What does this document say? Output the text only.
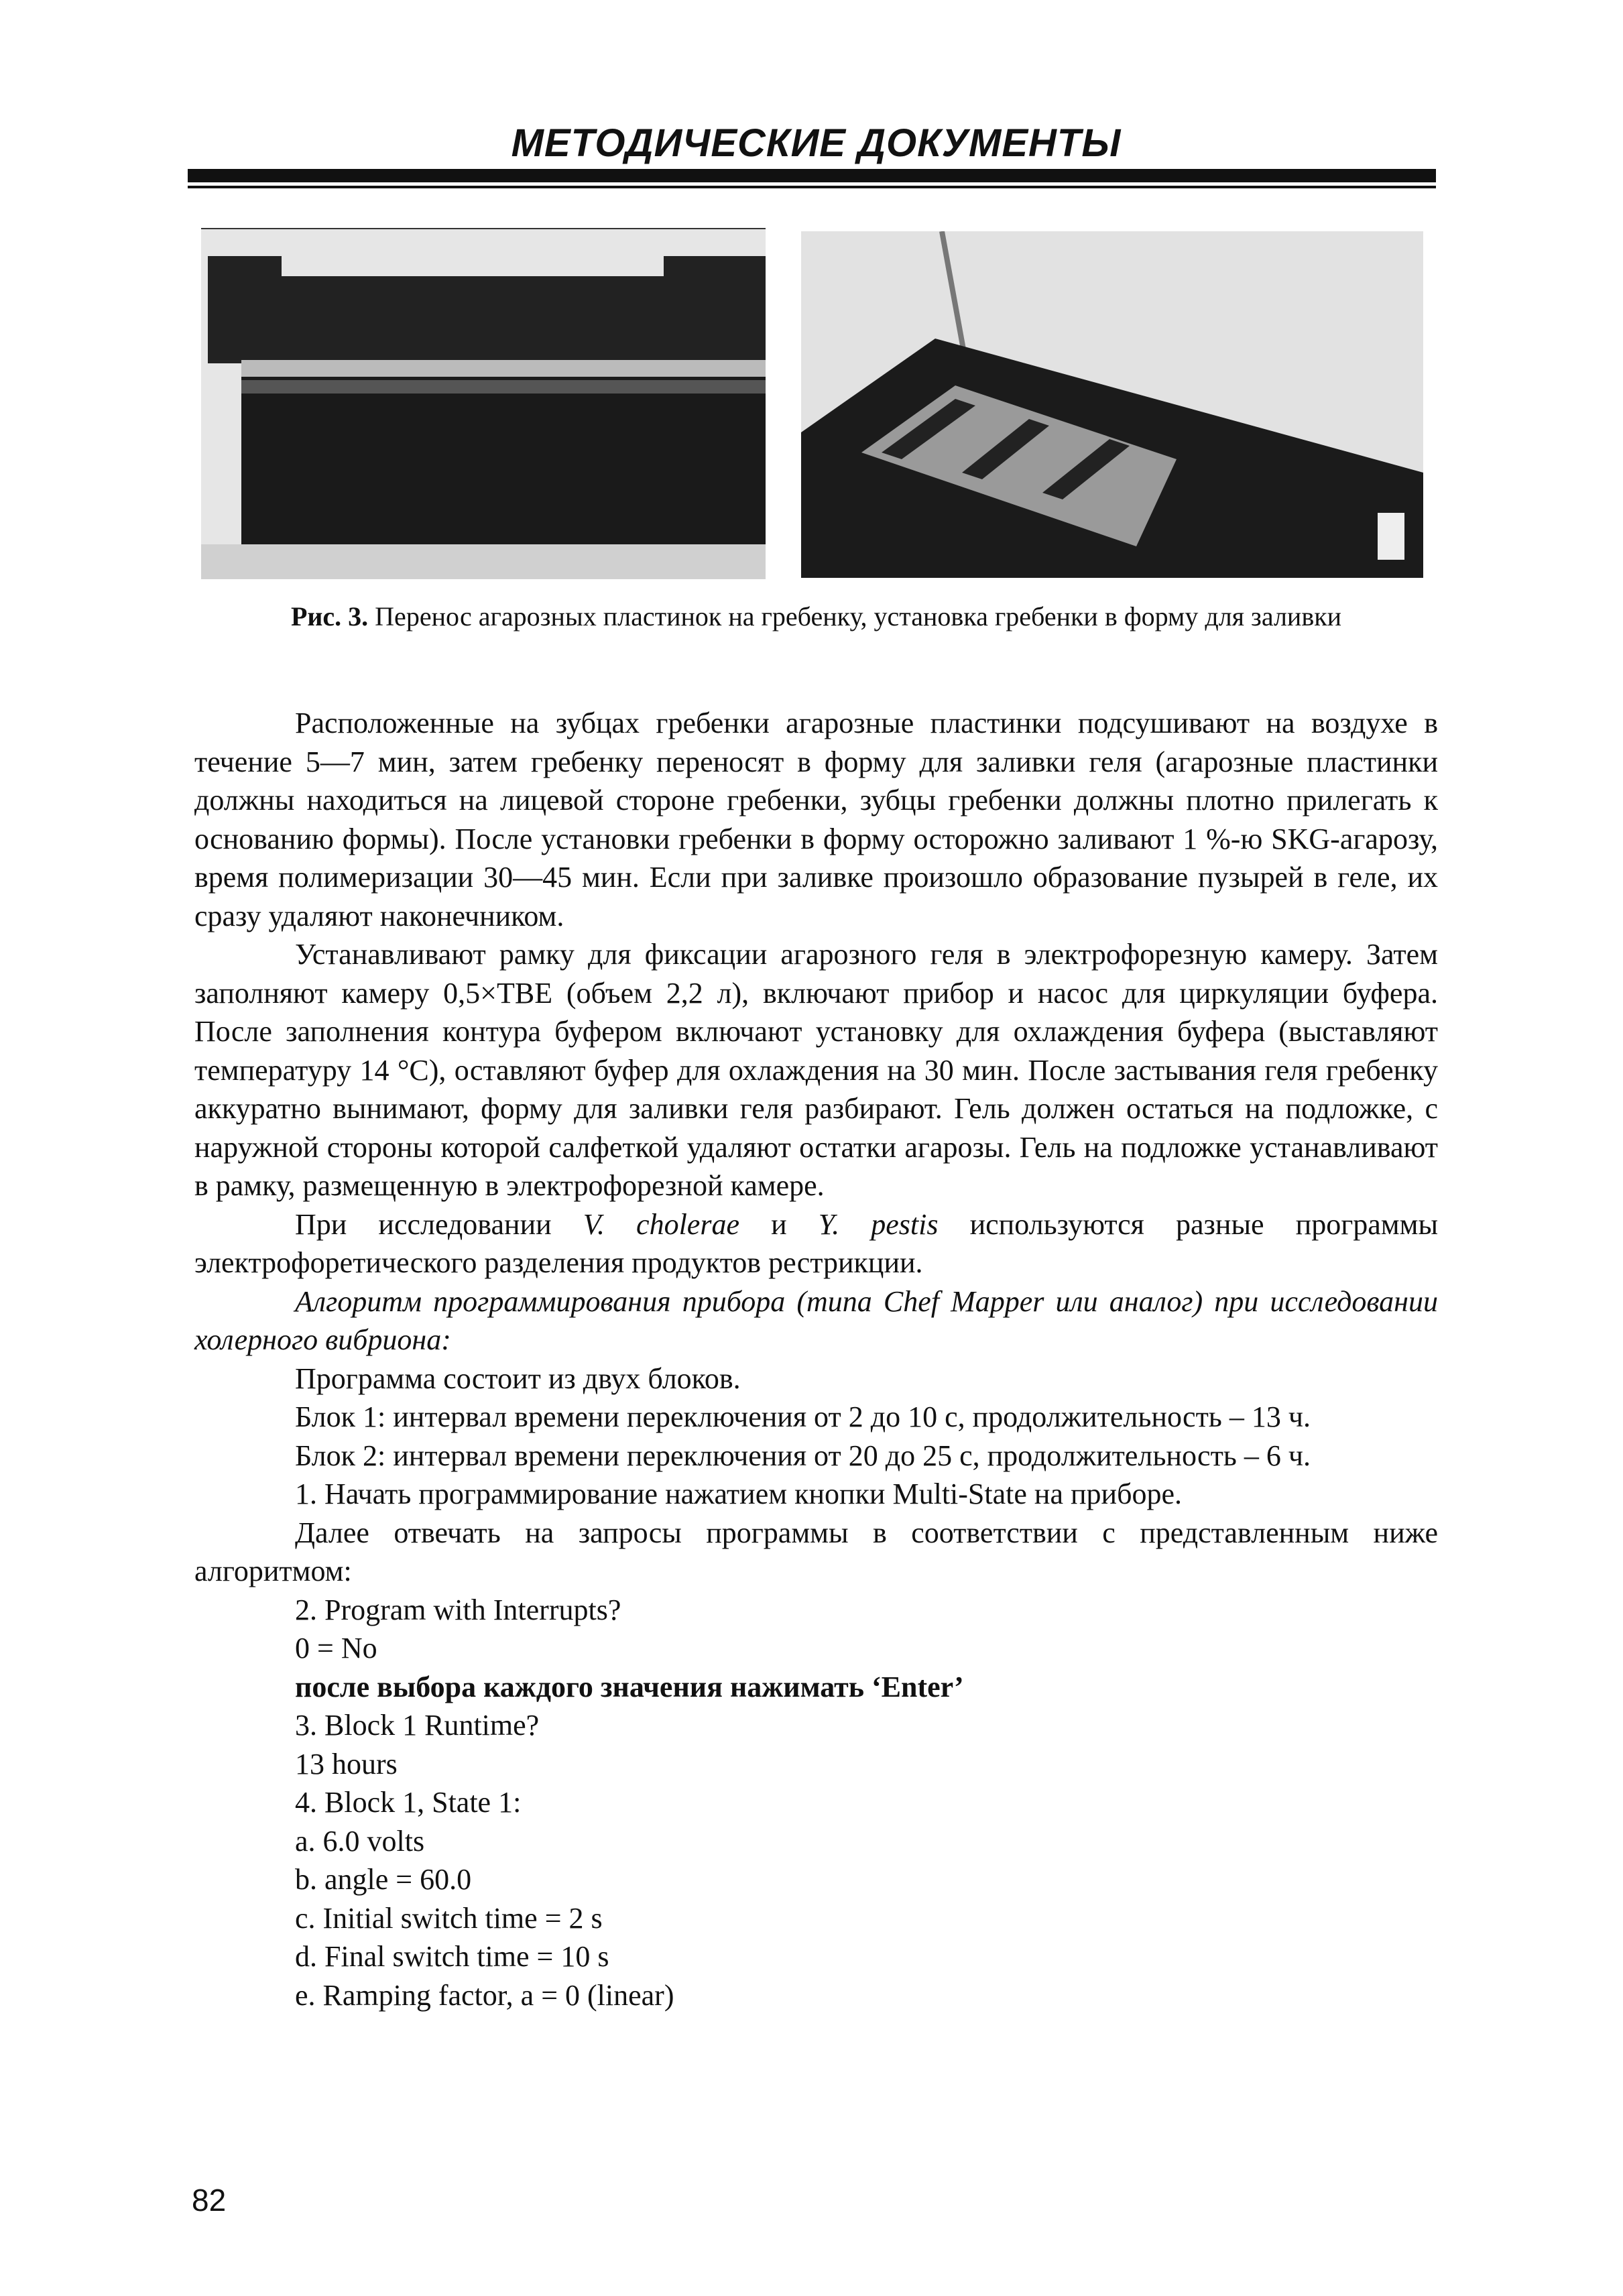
МЕТОДИЧЕСКИЕ ДОКУМЕНТЫ
Рис. 3. Перенос агарозных пластинок на гребенку, установка гребенки в форму для заливки

Расположенные на зубцах гребенки агарозные пластинки подсушивают на воздухе в течение 5—7 мин, затем гребенку переносят в форму для заливки геля (агарозные пластинки должны находиться на лицевой стороне гребенки, зубцы гребенки должны плотно прилегать к основанию формы). После установки гребенки в форму осторожно заливают 1 %-ю SKG-агарозу, время полимеризации 30—45 мин. Если при заливке произошло образование пузырей в геле, их сразу удаляют наконечником.

Устанавливают рамку для фиксации агарозного геля в электрофорезную камеру. Затем заполняют камеру 0,5×TBE (объем 2,2 л), включают прибор и насос для циркуляции буфера. После заполнения контура буфером включают установку для охлаждения буфера (выставляют температуру 14 °С), оставляют буфер для охлаждения на 30 мин. После застывания геля гребенку аккуратно вынимают, форму для заливки геля разбирают. Гель должен остаться на подложке, с наружной стороны которой салфеткой удаляют остатки агарозы. Гель на подложке устанавливают в рамку, размещенную в электрофорезной камере.

При исследовании V. cholerae и Y. pestis используются разные программы электрофоретического разделения продуктов рестрикции.

Алгоритм программирования прибора (типа Chef Mapper или аналог) при исследовании холерного вибриона:

Программа состоит из двух блоков.

Блок 1: интервал времени переключения от 2 до 10 с, продолжительность – 13 ч.

Блок 2: интервал времени переключения от 20 до 25 с, продолжительность – 6 ч.

1. Начать программирование нажатием кнопки Multi-State на приборе.

Далее отвечать на запросы программы в соответствии с представленным ниже алгоритмом:

2. Program with Interrupts?

0 = No

после выбора каждого значения нажимать ‘Enter’

3. Block 1 Runtime?

13 hours

4. Block 1, State 1:

a. 6.0 volts

b. angle = 60.0

c. Initial switch time = 2 s

d. Final switch time = 10 s

e. Ramping factor, a = 0 (linear)

82
